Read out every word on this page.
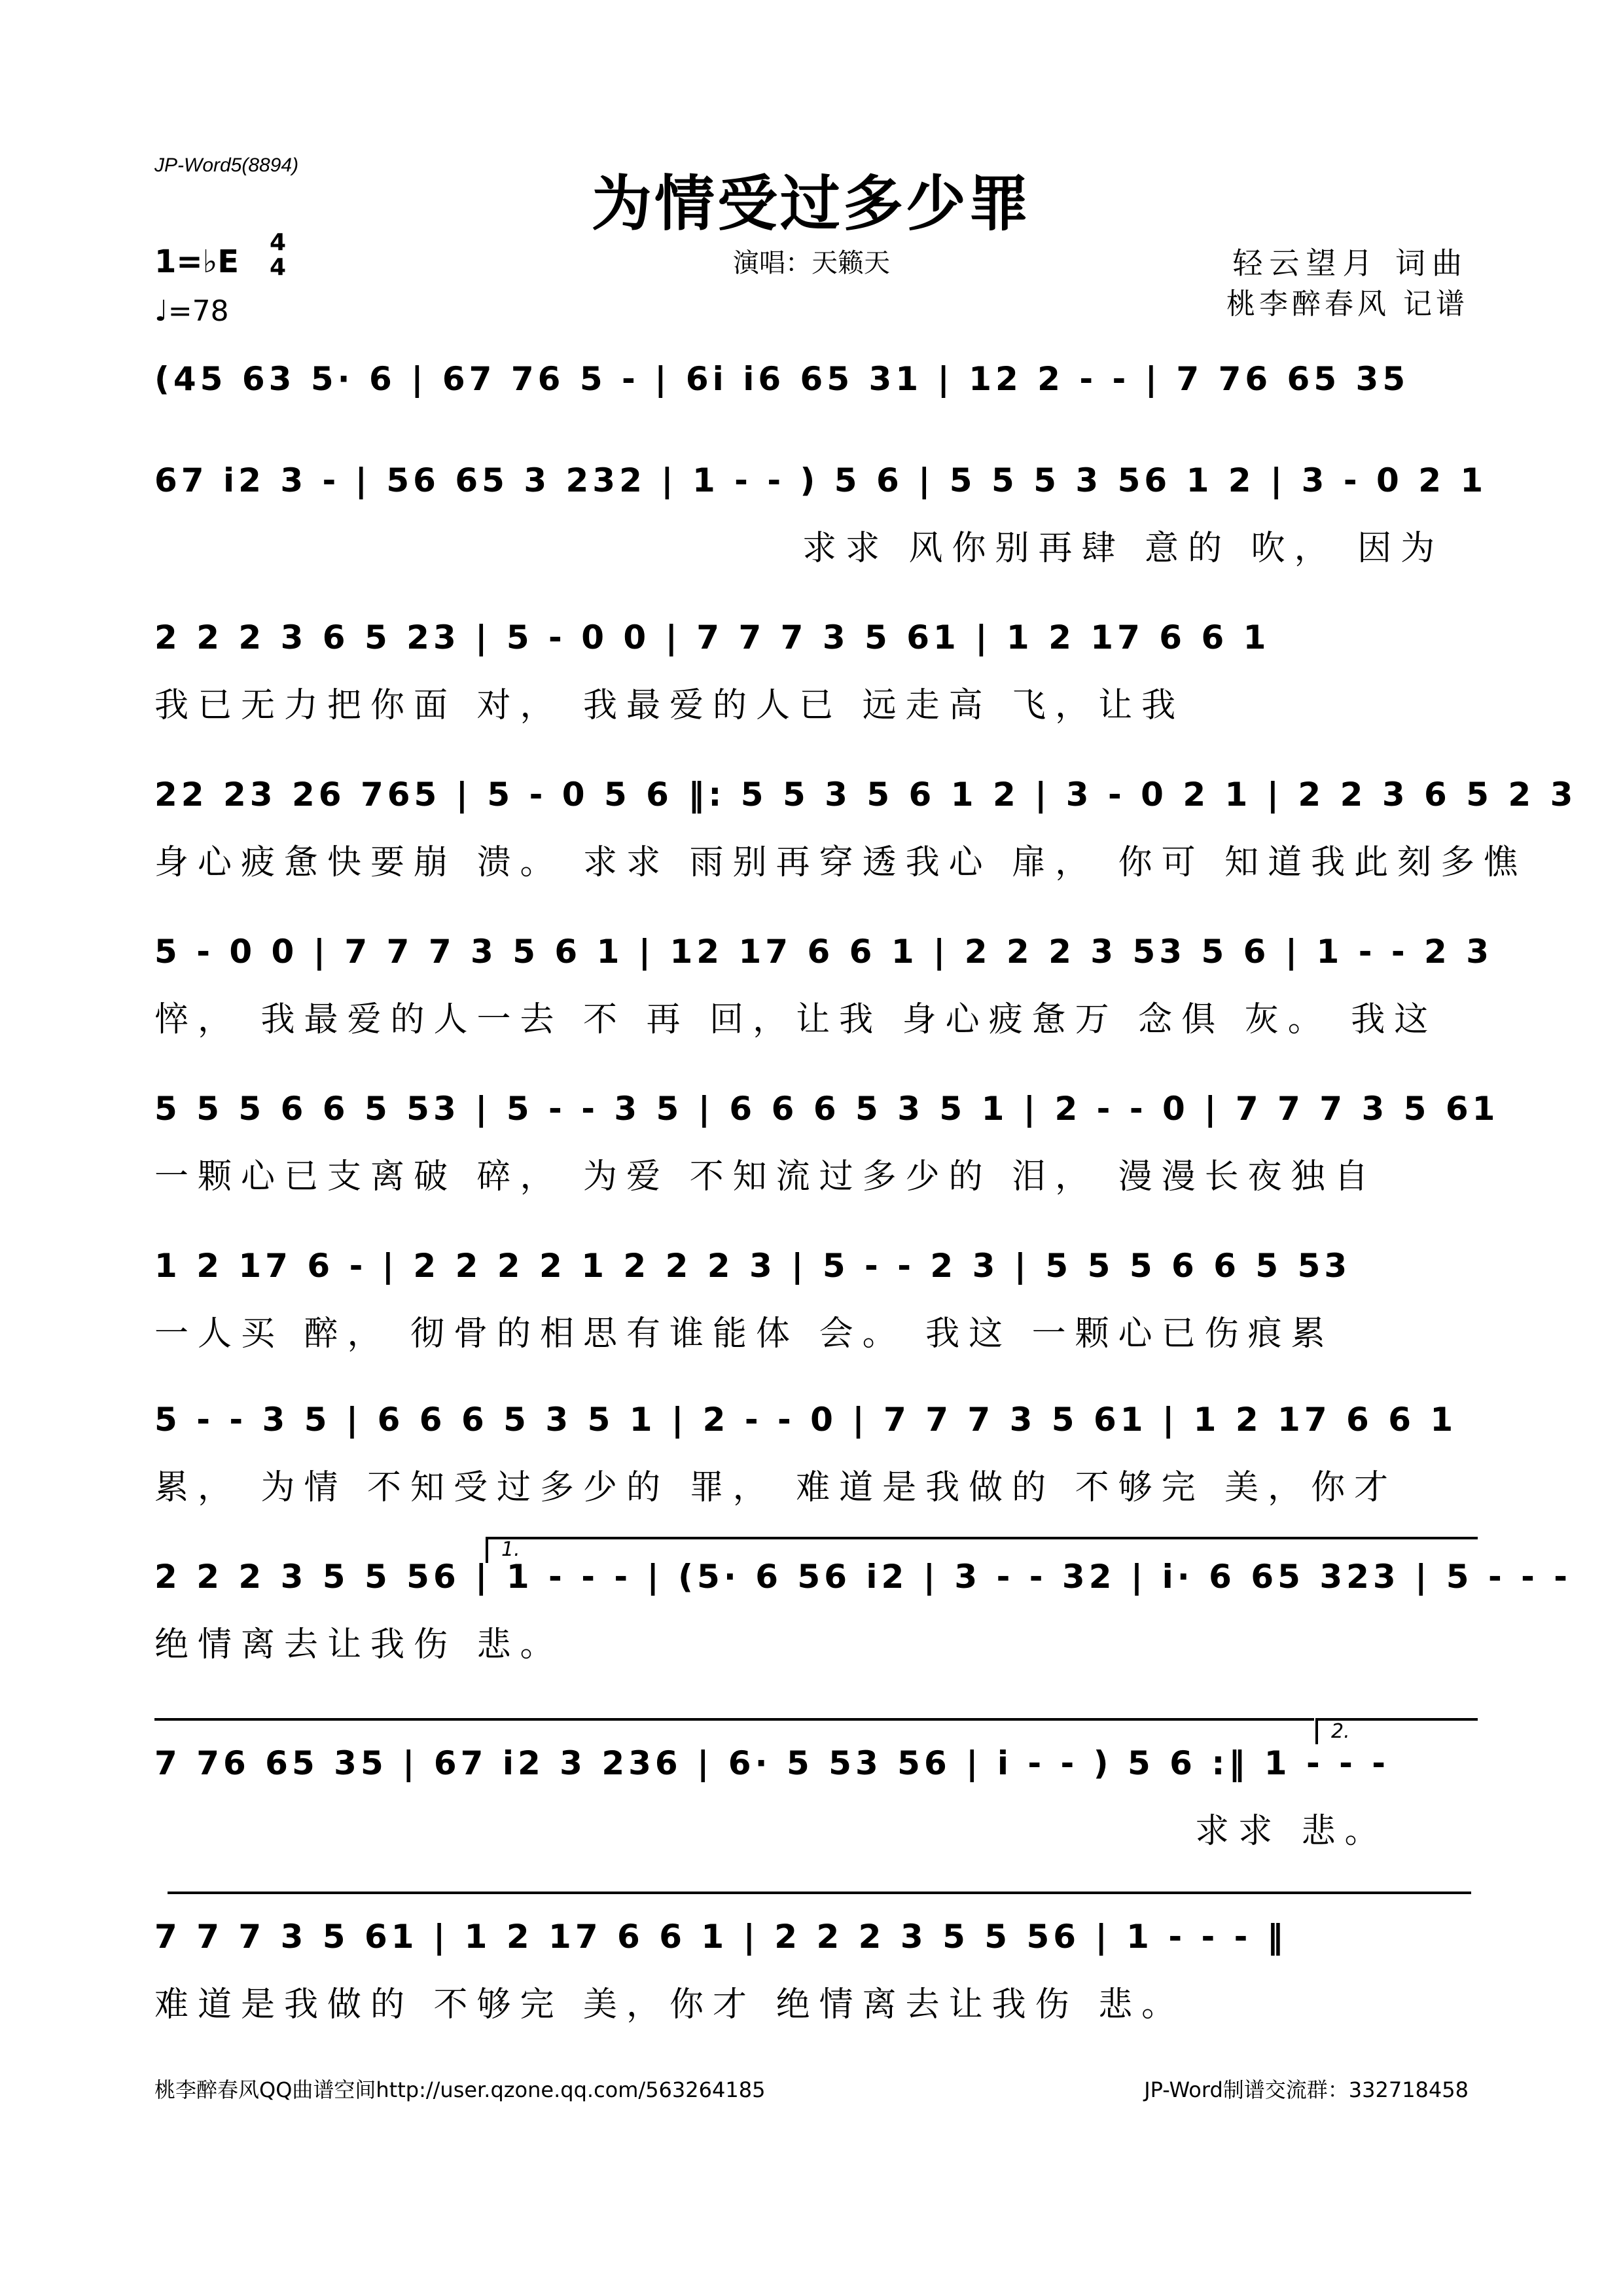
JP-Word5(8894)
为情受过多少罪
演唱：天籁天	轻云望月 词曲
桃李醉春风 记谱
1=♭E
4
4
♩=78
(45 63 5· 6 | 67 76 5 - | 6i i6 65 31 | 12 2 - - | 7 76 65 35
67 i2 3 - | 56 65 3 232 | 1 - - ) 5 6 | 5 5 5 3 56 1 2 | 3 - 0 2 1
求求 风你别再肆 意的 吹， 因为
2 2 2 3 6 5 23 | 5 - 0 0 | 7 7 7 3 5 61 | 1 2 17 6 6 1
我已无力把你面 对， 我最爱的人已 远走高 飞，让我
22 23 26 765 | 5 - 0 5 6 ‖: 5 5 3 5 6 1 2 | 3 - 0 2 1 | 2 2 3 6 5 2 3
身心疲惫快要崩 溃。 求求 雨别再穿透我心 扉， 你可 知道我此刻多憔
5 - 0 0 | 7 7 7 3 5 6 1 | 12 17 6 6 1 | 2 2 2 3 53 5 6 | 1 - - 2 3
悴， 我最爱的人一去 不 再 回，让我 身心疲惫万 念俱 灰。 我这
5 5 5 6 6 5 53 | 5 - - 3 5 | 6 6 6 5 3 5 1 | 2 - - 0 | 7 7 7 3 5 61
一颗心已支离破 碎， 为爱 不知流过多少的 泪， 漫漫长夜独自
1 2 17 6 - | 2 2 2 2 1 2 2 2 3 | 5 - - 2 3 | 5 5 5 6 6 5 53
一人买 醉， 彻骨的相思有谁能体 会。 我这 一颗心已伤痕累
5 - - 3 5 | 6 6 6 5 3 5 1 | 2 - - 0 | 7 7 7 3 5 61 | 1 2 17 6 6 1
累， 为情 不知受过多少的 罪， 难道是我做的 不够完 美，你才
1.
2 2 2 3 5 5 56 | 1 - - - | (5· 6 56 i2 | 3 - - 32 | i· 6 65 323 | 5 - - -
绝情离去让我伤 悲。
2.
7 76 65 35 | 67 i2 3 236 | 6· 5 53 56 | i - - ) 5 6 :‖ 1 - - -
求求 悲。
7 7 7 3 5 61 | 1 2 17 6 6 1 | 2 2 2 3 5 5 56 | 1 - - - ‖
难道是我做的 不够完 美，你才 绝情离去让我伤 悲。
桃李醉春风QQ曲谱空间http://user.qzone.qq.com/563264185	JP-Word制谱交流群：332718458
